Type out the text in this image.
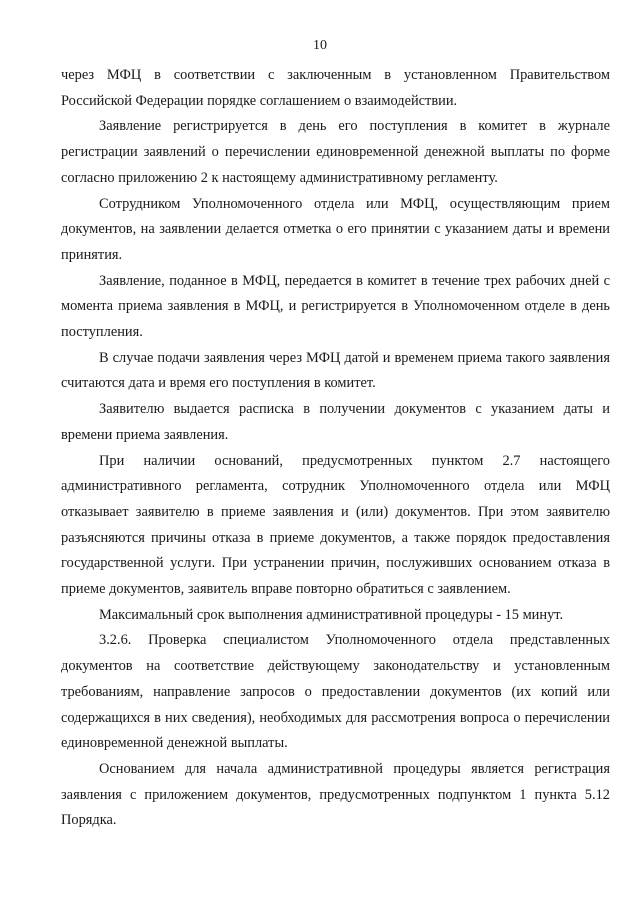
10

через МФЦ в соответствии с заключенным в установленном Правительством Российской Федерации порядке соглашением о взаимодействии.

Заявление регистрируется в день его поступления в комитет в журнале регистрации заявлений о перечислении единовременной денежной выплаты по форме согласно приложению 2 к настоящему административному регламенту.

Сотрудником Уполномоченного отдела или МФЦ, осуществляющим прием документов, на заявлении делается отметка о его принятии с указанием даты и времени принятия.

Заявление, поданное в МФЦ, передается в комитет в течение трех рабочих дней с момента приема заявления в МФЦ, и регистрируется в Уполномоченном отделе в день поступления.

В случае подачи заявления через МФЦ датой и временем приема такого заявления считаются дата и время его поступления в комитет.

Заявителю выдается расписка в получении документов с указанием даты и времени приема заявления.

При наличии оснований, предусмотренных пунктом 2.7 настоящего административного регламента, сотрудник Уполномоченного отдела или МФЦ отказывает заявителю в приеме заявления и (или) документов. При этом заявителю разъясняются причины отказа в приеме документов, а также порядок предоставления государственной услуги. При устранении причин, послуживших основанием отказа в приеме документов, заявитель вправе повторно обратиться с заявлением.

Максимальный срок выполнения административной процедуры - 15 минут.

3.2.6. Проверка специалистом Уполномоченного отдела представленных документов на соответствие действующему законодательству и установленным требованиям, направление запросов о предоставлении документов (их копий или содержащихся в них сведения), необходимых для рассмотрения вопроса о перечислении единовременной денежной выплаты.

Основанием для начала административной процедуры является регистрация заявления с приложением документов, предусмотренных подпунктом 1 пункта 5.12 Порядка.
